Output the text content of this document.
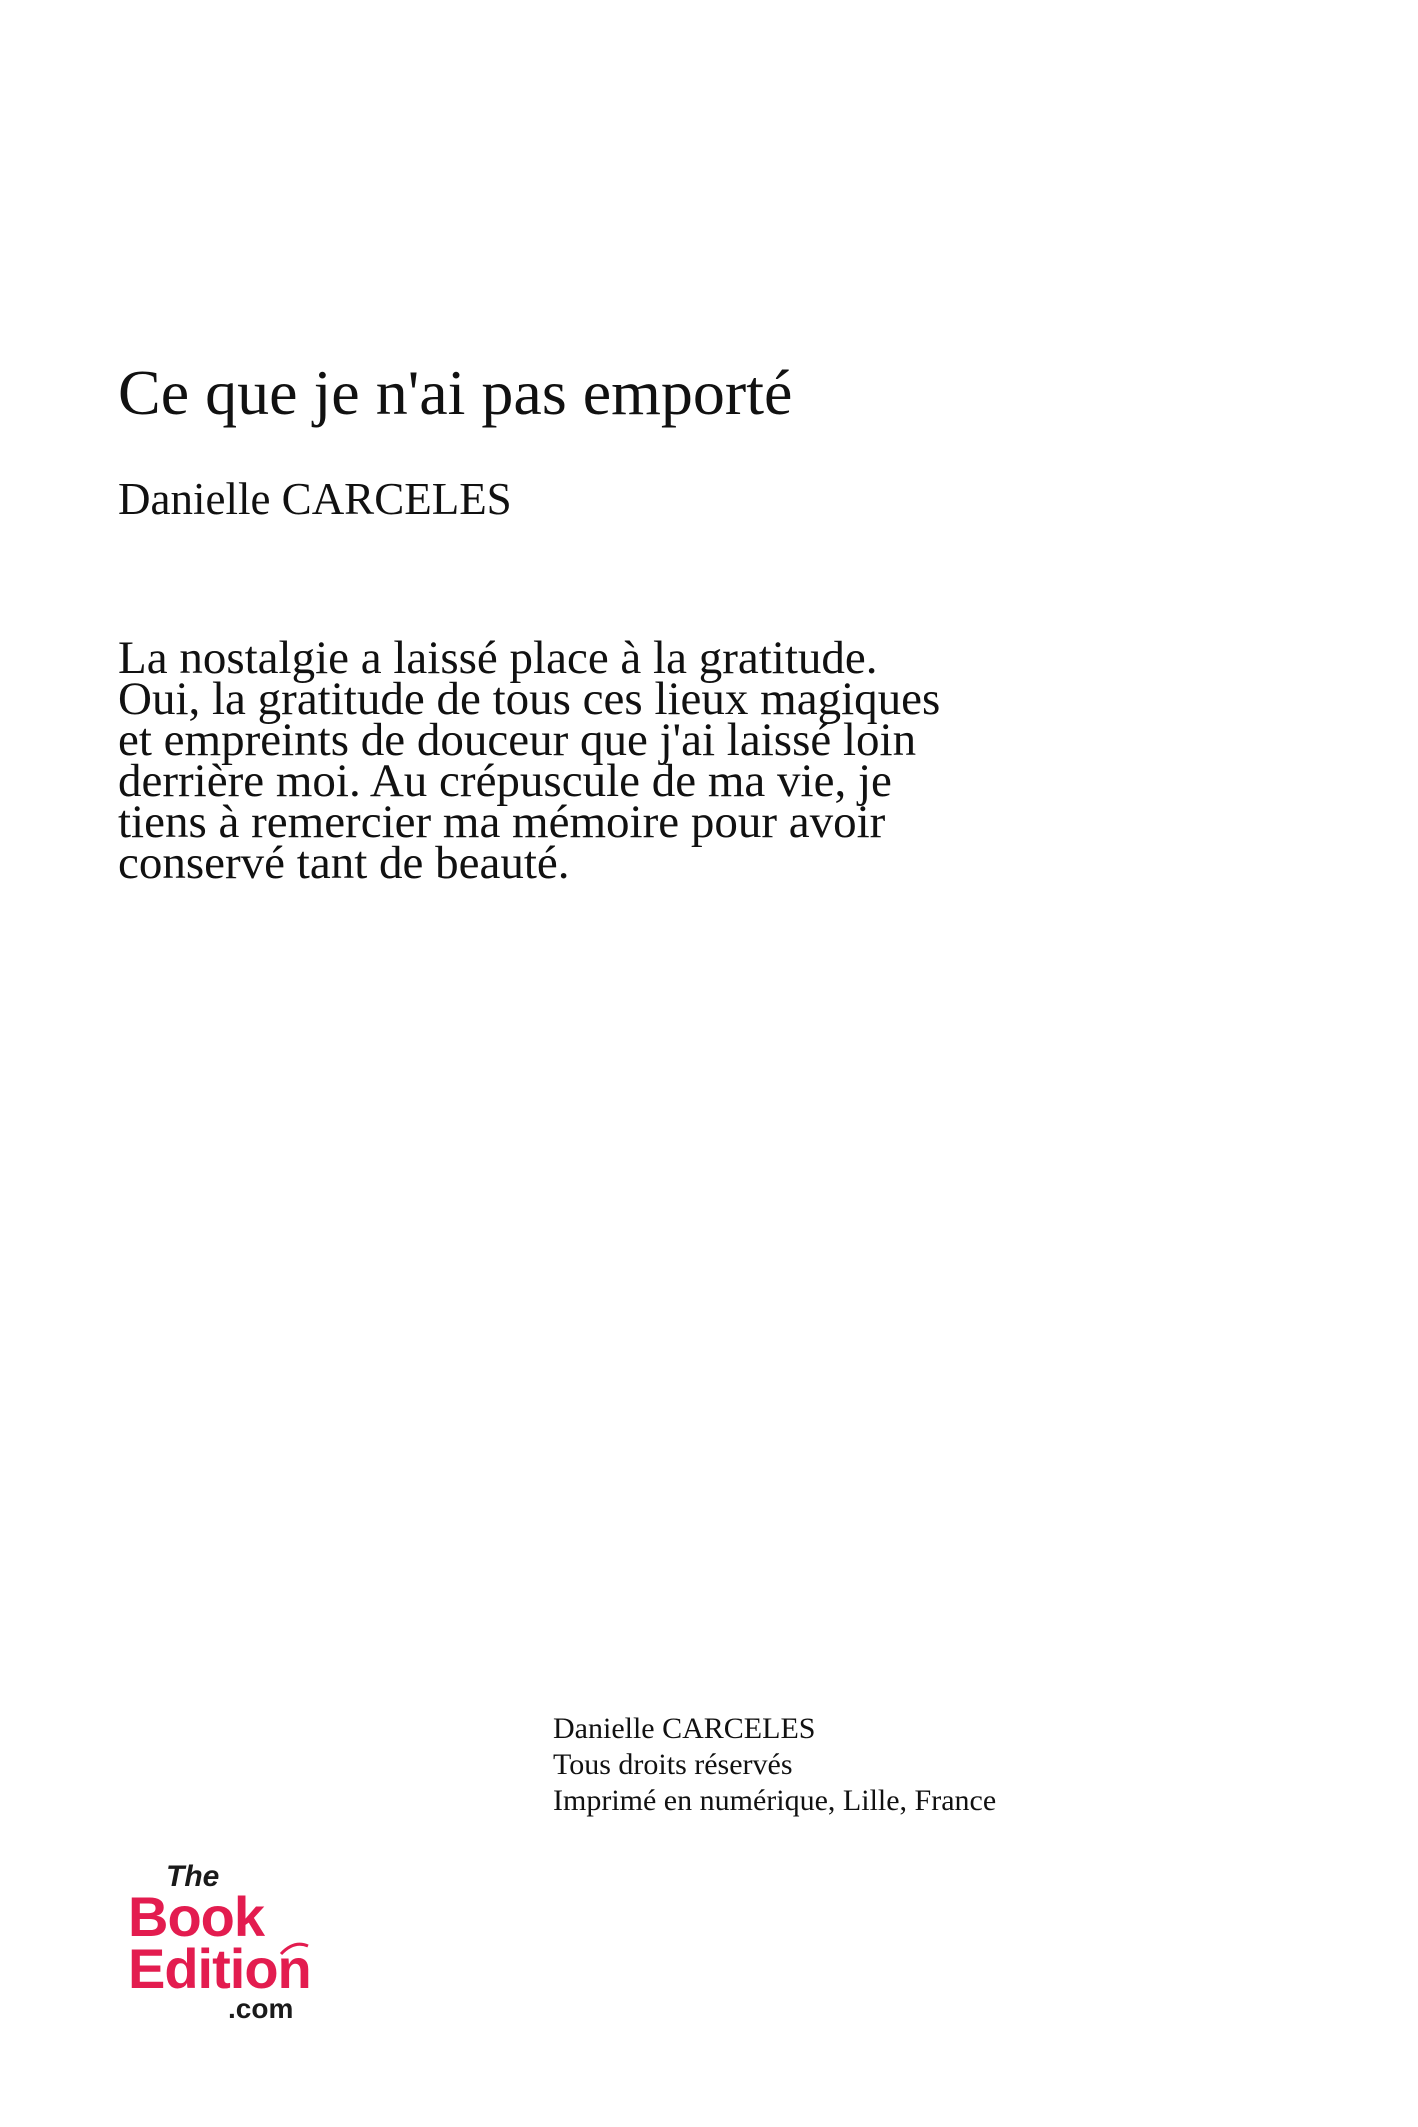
Ce que je n'ai pas emporté
Danielle CARCELES
La nostalgie a laissé place à la gratitude.
Oui, la gratitude de tous ces lieux magiques
et empreints de douceur que j'ai laissé loin
derrière moi. Au crépuscule de ma vie, je
tiens à remercier ma mémoire pour avoir
conservé tant de beauté.
Danielle CARCELES
Tous droits réservés
Imprimé en numérique, Lille, France
The
Book
Edition
.com
